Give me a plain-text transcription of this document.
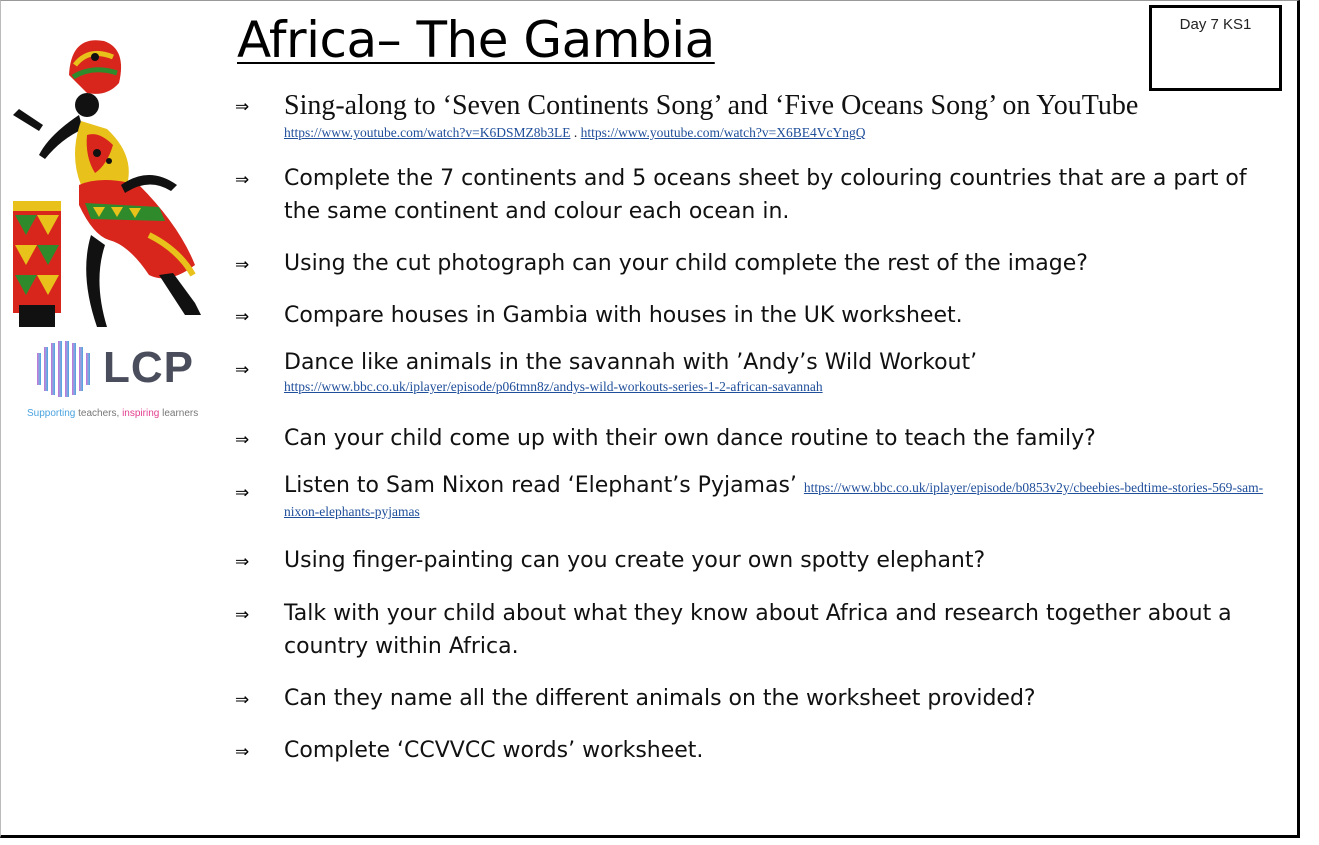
Africa– The Gambia	Day 7 KS1
LCP
Supporting teachers, inspiring learners
⇒ Sing-along to ‘Seven Continents Song’ and ‘Five Oceans Song’ on YouTube
https://www.youtube.com/watch?v=K6DSMZ8b3LE . https://www.youtube.com/watch?v=X6BE4VcYngQ
⇒ Complete the 7 continents and 5 oceans sheet by colouring countries that are a part of the same continent and colour each ocean in.
⇒ Using the cut photograph can your child complete the rest of the image?
⇒ Compare houses in Gambia with houses in the UK worksheet.
⇒ Dance like animals in the savannah with ’Andy’s Wild Workout’ https://www.bbc.co.uk/iplayer/episode/p06tmn8z/andys-wild-workouts-series-1-2-african-savannah
⇒ Can your child come up with their own dance routine to teach the family?
⇒ Listen to Sam Nixon read ‘Elephant’s Pyjamas’ https://www.bbc.co.uk/iplayer/episode/b0853v2y/cbeebies-bedtime-stories-569-sam-nixon-elephants-pyjamas
⇒ Using finger-painting can you create your own spotty elephant?
⇒ Talk with your child about what they know about Africa and research together about a country within Africa.
⇒ Can they name all the different animals on the worksheet provided?
⇒ Complete ‘CCVVCC words’ worksheet.
